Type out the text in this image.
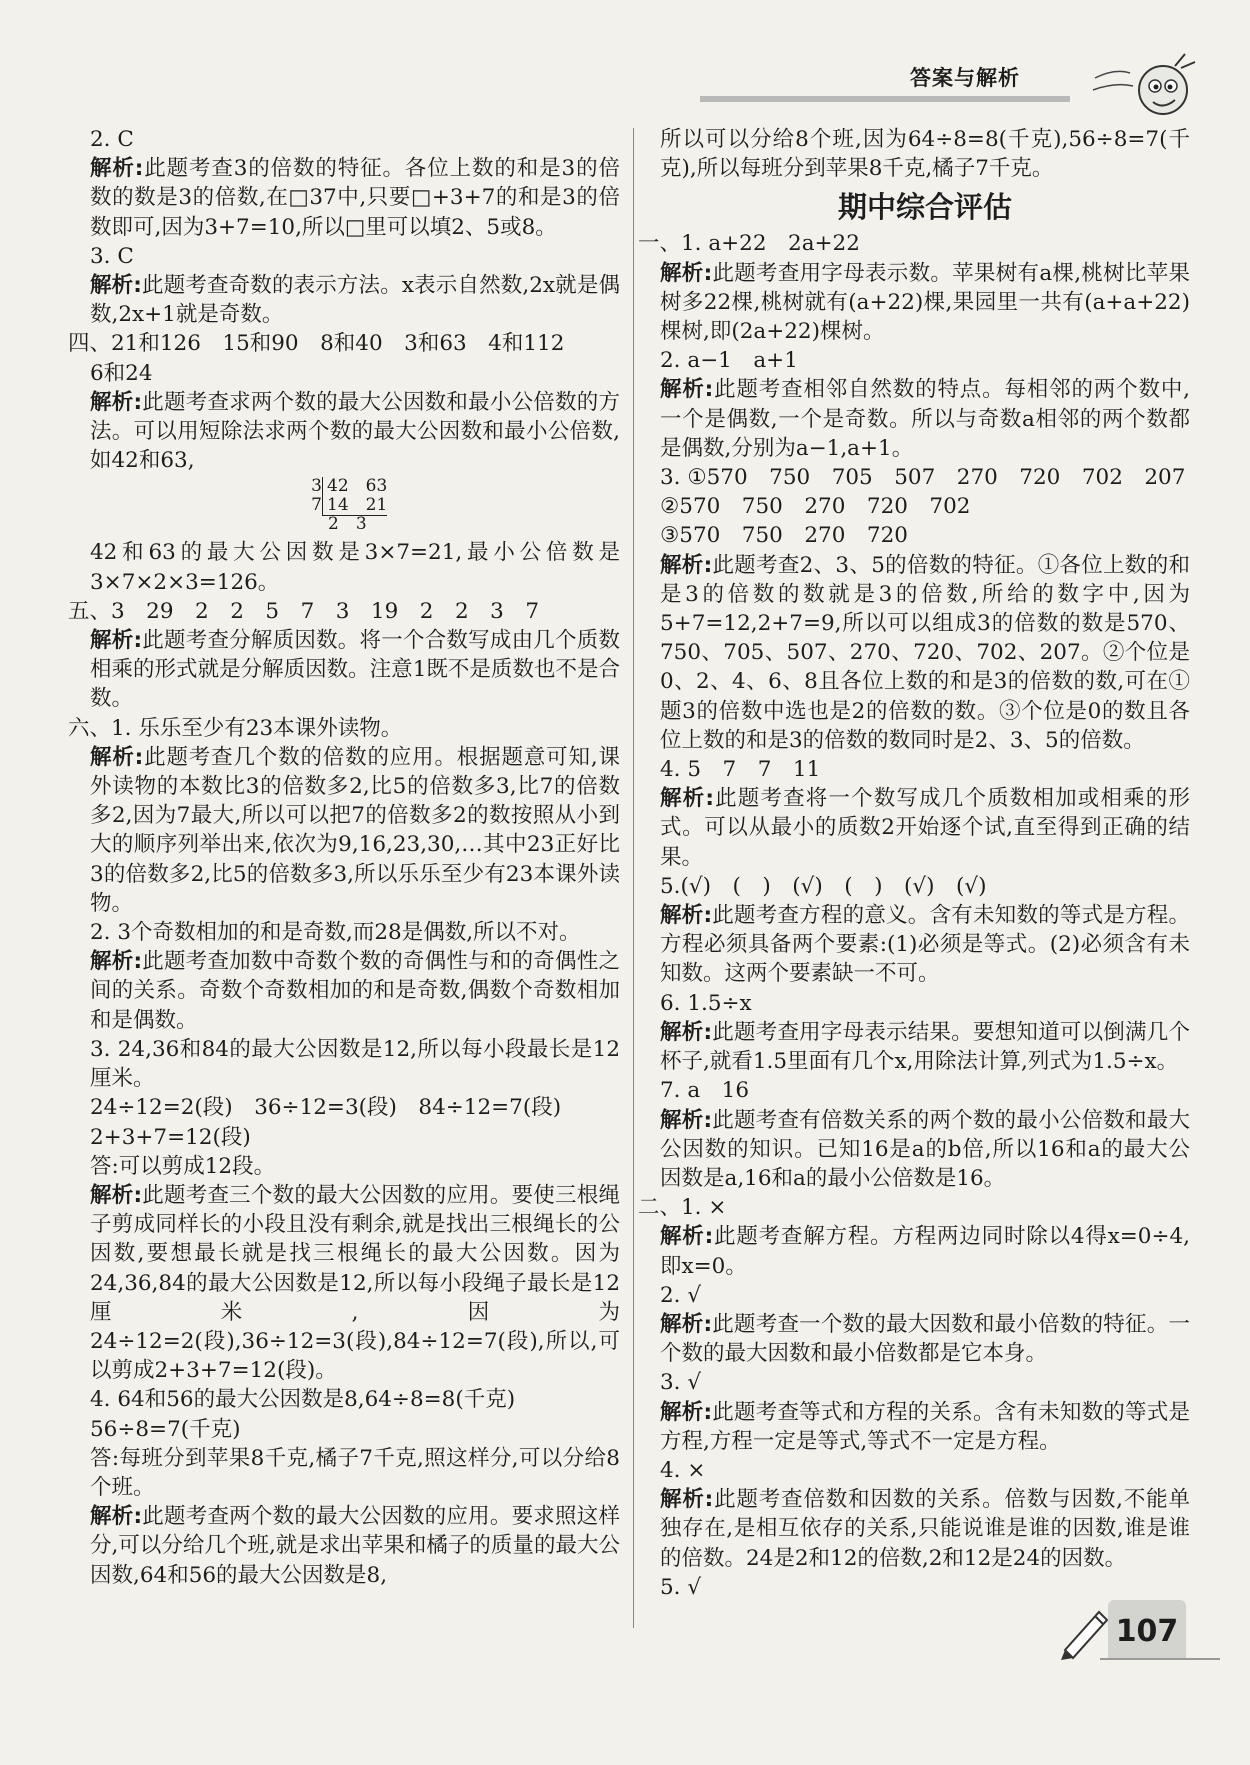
答案与解析

2. C

解析:此题考查3的倍数的特征。各位上数的和是3的倍数的数是3的倍数,在□37中,只要□+3+7的和是3的倍数即可,因为3+7=10,所以□里可以填2、5或8。

3. C

解析:此题考查奇数的表示方法。x表示自然数,2x就是偶数,2x+1就是奇数。

四、21和126　15和90　8和40　3和63　4和112

6和24

解析:此题考查求两个数的最大公因数和最小公倍数的方法。可以用短除法求两个数的最大公因数和最小公倍数,如42和63,

3 42　63
7 14　21
2　3

42和63的最大公因数是3×7=21,最小公倍数是3×7×2×3=126。

五、3　29　2　2　5　7　3　19　2　2　3　7

解析:此题考查分解质因数。将一个合数写成由几个质数相乘的形式就是分解质因数。注意1既不是质数也不是合数。

六、1. 乐乐至少有23本课外读物。

解析:此题考查几个数的倍数的应用。根据题意可知,课外读物的本数比3的倍数多2,比5的倍数多3,比7的倍数多2,因为7最大,所以可以把7的倍数多2的数按照从小到大的顺序列举出来,依次为9,16,23,30,…其中23正好比3的倍数多2,比5的倍数多3,所以乐乐至少有23本课外读物。

2. 3个奇数相加的和是奇数,而28是偶数,所以不对。

解析:此题考查加数中奇数个数的奇偶性与和的奇偶性之间的关系。奇数个奇数相加的和是奇数,偶数个奇数相加和是偶数。

3. 24,36和84的最大公因数是12,所以每小段最长是12厘米。

24÷12=2(段)　36÷12=3(段)　84÷12=7(段)

2+3+7=12(段)

答:可以剪成12段。

解析:此题考查三个数的最大公因数的应用。要使三根绳子剪成同样长的小段且没有剩余,就是找出三根绳长的公因数,要想最长就是找三根绳长的最大公因数。因为24,36,84的最大公因数是12,所以每小段绳子最长是12厘米,因为24÷12=2(段),36÷12=3(段),84÷12=7(段),所以,可以剪成2+3+7=12(段)。

4. 64和56的最大公因数是8,64÷8=8(千克)

56÷8=7(千克)

答:每班分到苹果8千克,橘子7千克,照这样分,可以分给8个班。

解析:此题考查两个数的最大公因数的应用。要求照这样分,可以分给几个班,就是求出苹果和橘子的质量的最大公因数,64和56的最大公因数是8,

所以可以分给8个班,因为64÷8=8(千克),56÷8=7(千克),所以每班分到苹果8千克,橘子7千克。

期中综合评估

一、1. a+22　2a+22

解析:此题考查用字母表示数。苹果树有a棵,桃树比苹果树多22棵,桃树就有(a+22)棵,果园里一共有(a+a+22)棵树,即(2a+22)棵树。

2. a−1　a+1

解析:此题考查相邻自然数的特点。每相邻的两个数中,一个是偶数,一个是奇数。所以与奇数a相邻的两个数都是偶数,分别为a−1,a+1。

3. ①570　750　705　507　270　720　702　207

②570　750　270　720　702

③570　750　270　720

解析:此题考查2、3、5的倍数的特征。①各位上数的和是3的倍数的数就是3的倍数,所给的数字中,因为5+7=12,2+7=9,所以可以组成3的倍数的数是570、750、705、507、270、720、702、207。②个位是0、2、4、6、8且各位上数的和是3的倍数的数,可在①题3的倍数中选也是2的倍数的数。③个位是0的数且各位上数的和是3的倍数的数同时是2、3、5的倍数。

4. 5　7　7　11

解析:此题考查将一个数写成几个质数相加或相乘的形式。可以从最小的质数2开始逐个试,直至得到正确的结果。

5.(√)　(　)　(√)　(　)　(√)　(√)

解析:此题考查方程的意义。含有未知数的等式是方程。方程必须具备两个要素:(1)必须是等式。(2)必须含有未知数。这两个要素缺一不可。

6. 1.5÷x

解析:此题考查用字母表示结果。要想知道可以倒满几个杯子,就看1.5里面有几个x,用除法计算,列式为1.5÷x。

7. a　16

解析:此题考查有倍数关系的两个数的最小公倍数和最大公因数的知识。已知16是a的b倍,所以16和a的最大公因数是a,16和a的最小公倍数是16。

二、1. ×

解析:此题考查解方程。方程两边同时除以4得x=0÷4,即x=0。

2. √

解析:此题考查一个数的最大因数和最小倍数的特征。一个数的最大因数和最小倍数都是它本身。

3. √

解析:此题考查等式和方程的关系。含有未知数的等式是方程,方程一定是等式,等式不一定是方程。

4. ×

解析:此题考查倍数和因数的关系。倍数与因数,不能单独存在,是相互依存的关系,只能说谁是谁的因数,谁是谁的倍数。24是2和12的倍数,2和12是24的因数。

5. √

107
